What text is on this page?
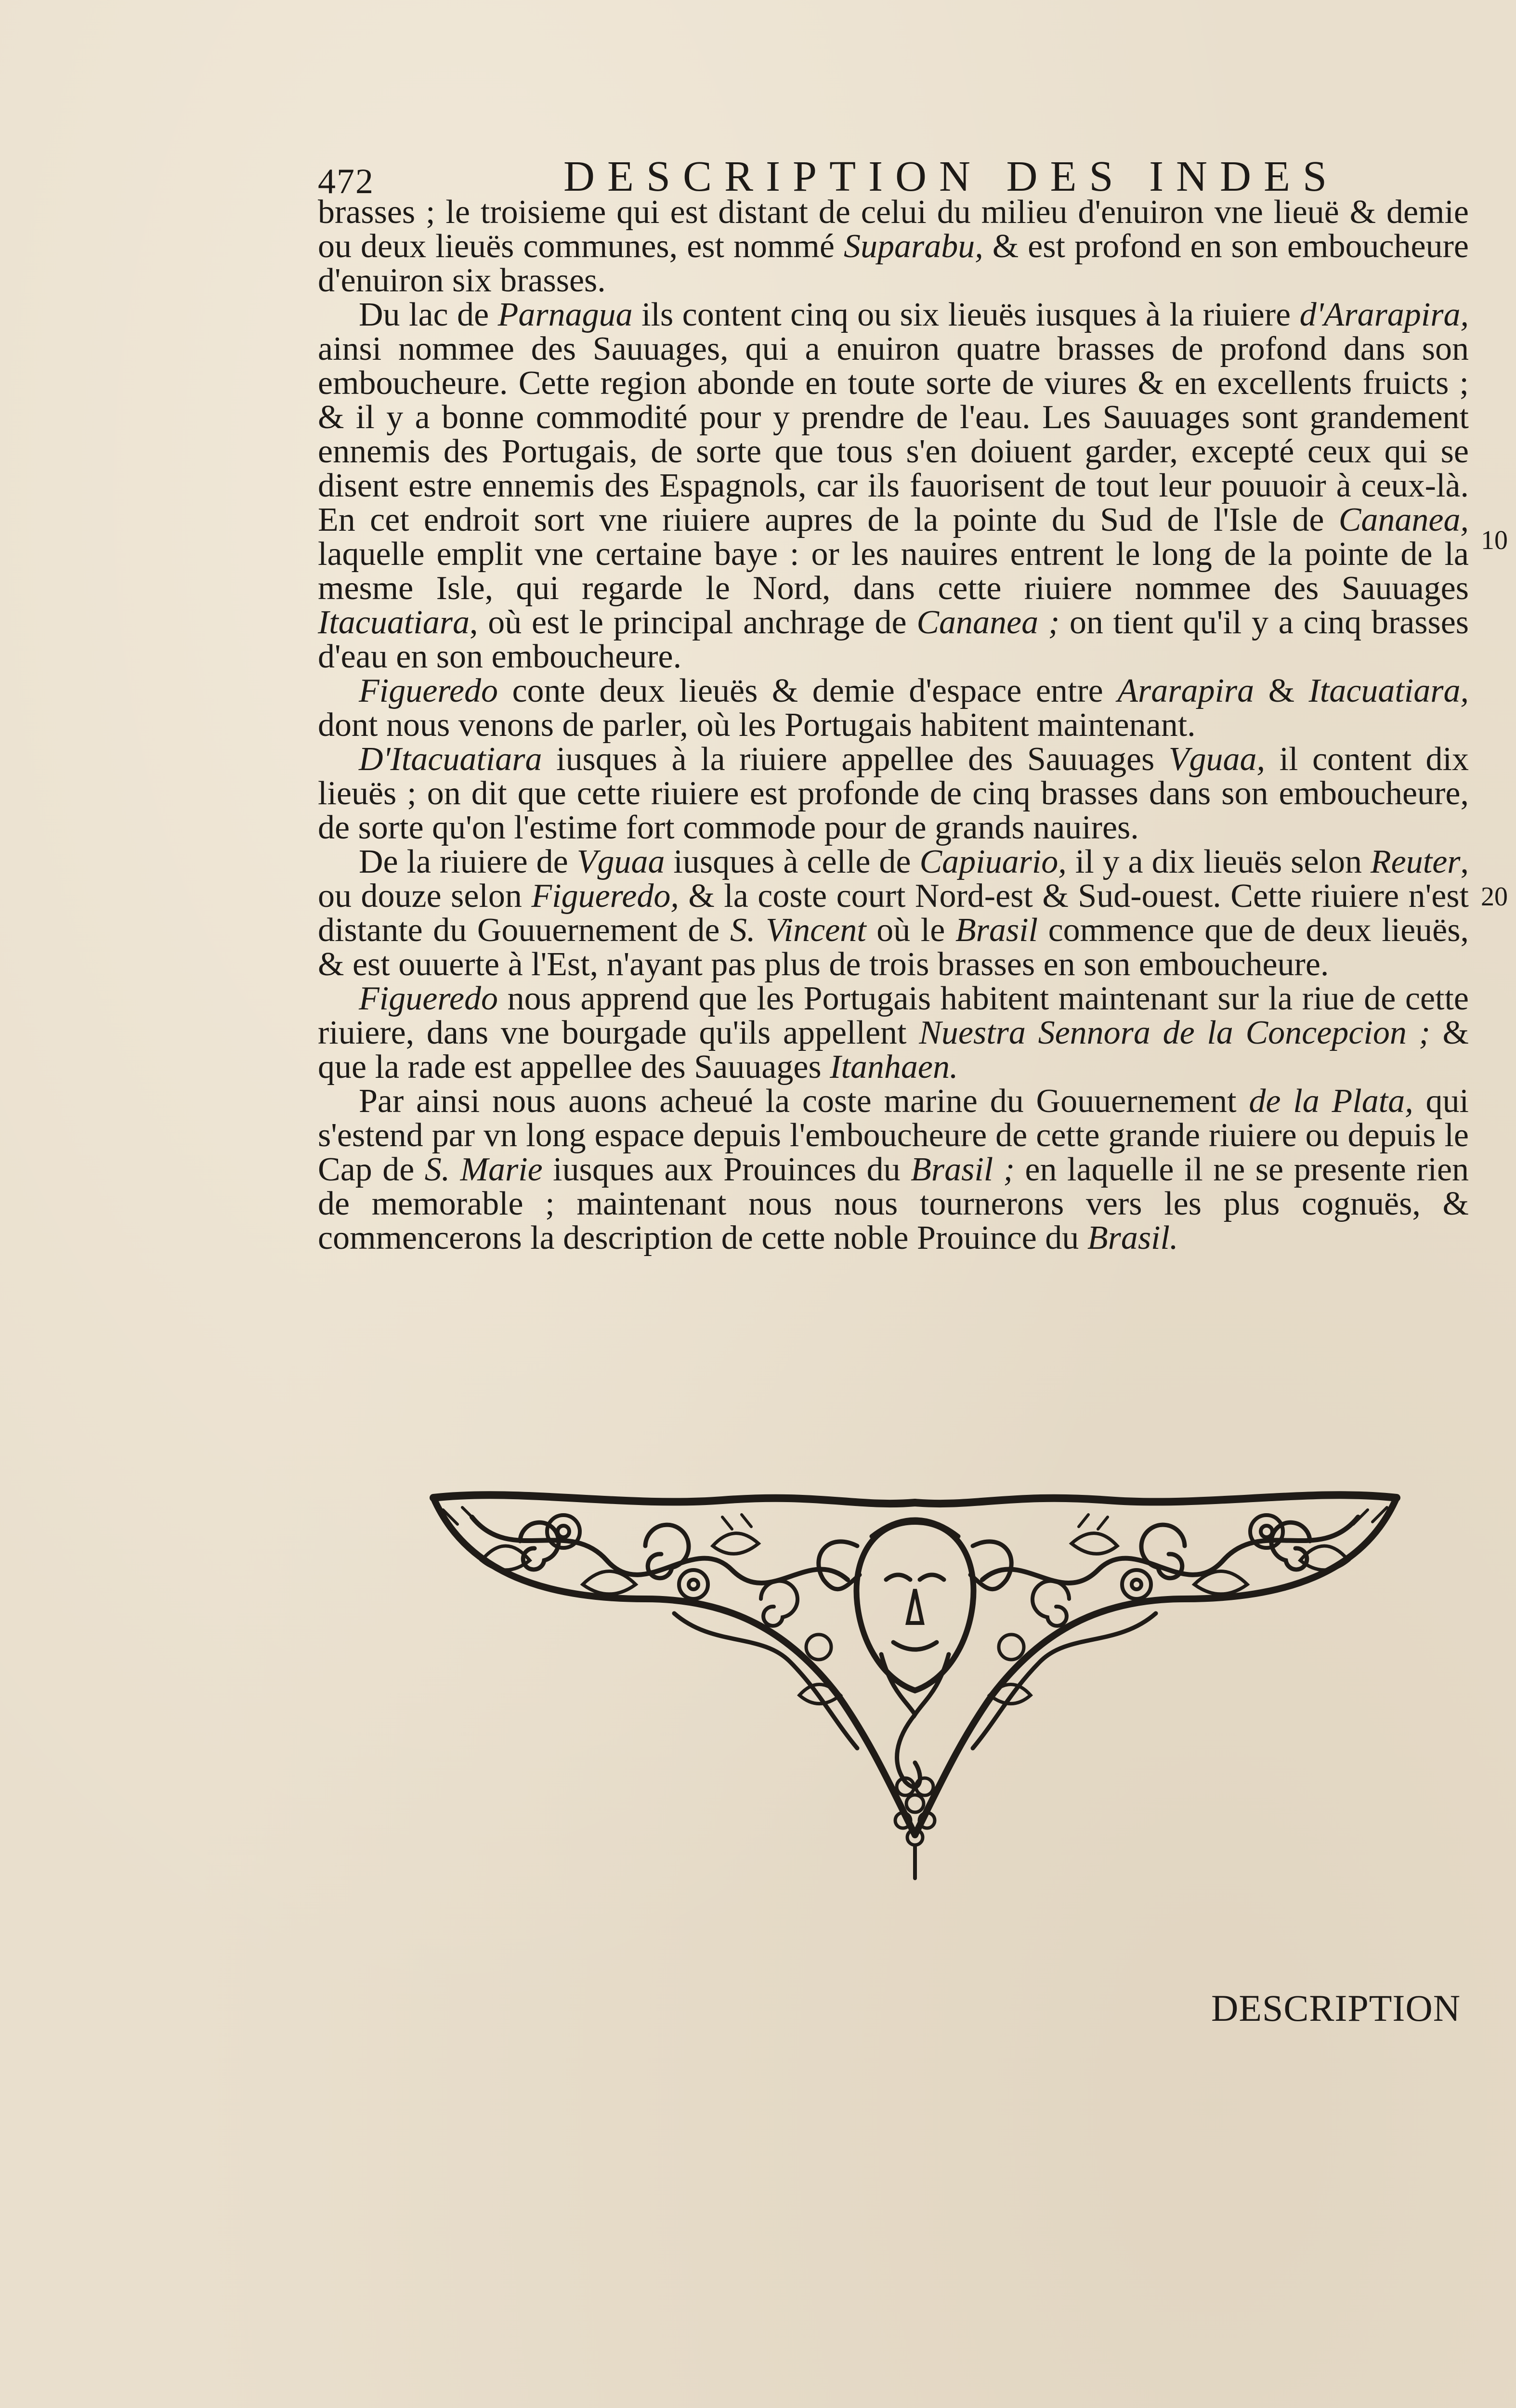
472	DESCRIPTION DES INDES

brasses ; le troisieme qui est distant de celui du milieu d'enuiron vne lieuë & demie ou deux lieuës communes, est nommé Suparabu, & est profond en son emboucheure d'enuiron six brasses.

Du lac de Parnagua ils content cinq ou six lieuës iusques à la riuiere d'Ararapira, ainsi nommee des Sauuages, qui a enuiron quatre brasses de profond dans son emboucheure. Cette region abonde en toute sorte de viures & en excellents fruicts ; & il y a bonne commodité pour y prendre de l'eau. Les Sauuages sont grandement ennemis des Portugais, de sorte que tous s'en doiuent garder, excepté ceux qui se disent estre ennemis des Espagnols, car ils fauorisent de tout leur pouuoir à ceux-là. En cet endroit sort vne riuiere aupres de la pointe du Sud de l'Isle de Cananea, laquelle emplit vne certaine baye : or les nauires entrent le long de la pointe de la mesme Isle, qui regarde le Nord, dans cette riuiere nommee des Sauuages Itacuatiara, où est le principal anchrage de Cananea ; on tient qu'il y a cinq brasses d'eau en son emboucheure.

Figueredo conte deux lieuës & demie d'espace entre Ararapira & Itacuatiara, dont nous venons de parler, où les Portugais habitent maintenant.

D'Itacuatiara iusques à la riuiere appellee des Sauuages Vguaa, il content dix lieuës ; on dit que cette riuiere est profonde de cinq brasses dans son emboucheure, de sorte qu'on l'estime fort commode pour de grands nauires.

De la riuiere de Vguaa iusques à celle de Capiuario, il y a dix lieuës selon Reuter, ou douze selon Figueredo, & la coste court Nord-est & Sud-ouest. Cette riuiere n'est distante du Gouuernement de S. Vincent où le Brasil commence que de deux lieuës, & est ouuerte à l'Est, n'ayant pas plus de trois brasses en son emboucheure.

Figueredo nous apprend que les Portugais habitent maintenant sur la riue de cette riuiere, dans vne bourgade qu'ils appellent Nuestra Sennora de la Concepcion ; & que la rade est appellee des Sauuages Itanhaen.

Par ainsi nous auons acheué la coste marine du Gouuernement de la Plata, qui s'estend par vn long espace depuis l'emboucheure de cette grande riuiere ou depuis le Cap de S. Marie iusques aux Prouinces du Brasil ; en laquelle il ne se presente rien de memorable ; maintenant nous nous tournerons vers les plus cognuës, & commencerons la description de cette noble Prouince du Brasil.

10
20
DESCRIPTION
